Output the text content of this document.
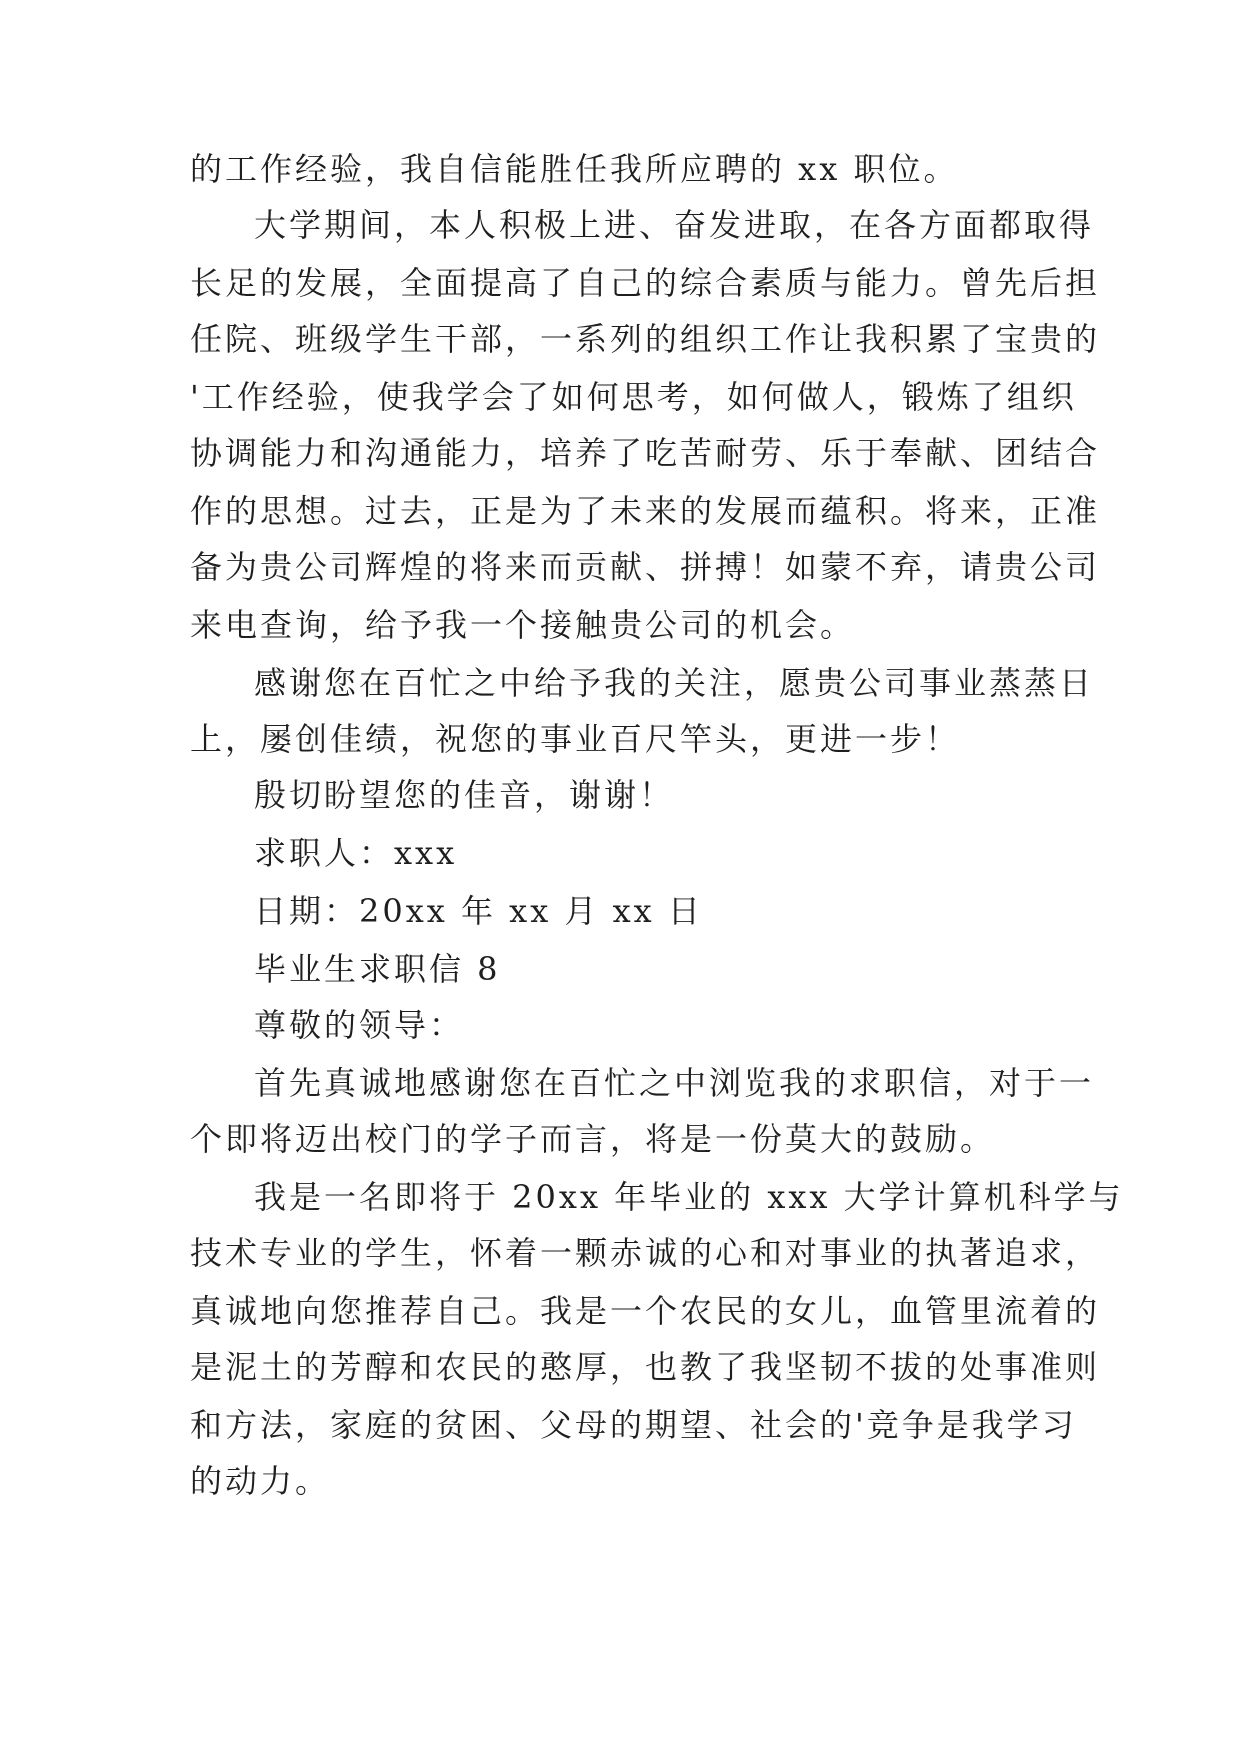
的工作经验，我自信能胜任我所应聘的 xx 职位。
大学期间，本人积极上进、奋发进取，在各方面都取得
长足的发展，全面提高了自己的综合素质与能力。曾先后担
任院、班级学生干部，一系列的组织工作让我积累了宝贵的
'工作经验，使我学会了如何思考，如何做人，锻炼了组织
协调能力和沟通能力，培养了吃苦耐劳、乐于奉献、团结合
作的思想。过去，正是为了未来的发展而蕴积。将来，正准
备为贵公司辉煌的将来而贡献、拼搏！如蒙不弃，请贵公司
来电查询，给予我一个接触贵公司的机会。
感谢您在百忙之中给予我的关注，愿贵公司事业蒸蒸日
上，屡创佳绩，祝您的事业百尺竿头，更进一步！
殷切盼望您的佳音，谢谢！
求职人：xxx
日期：20xx 年 xx 月 xx 日
毕业生求职信 8
尊敬的领导：
首先真诚地感谢您在百忙之中浏览我的求职信，对于一
个即将迈出校门的学子而言，将是一份莫大的鼓励。
我是一名即将于 20xx 年毕业的 xxx 大学计算机科学与
技术专业的学生，怀着一颗赤诚的心和对事业的执著追求，
真诚地向您推荐自己。我是一个农民的女儿，血管里流着的
是泥土的芳醇和农民的憨厚，也教了我坚韧不拔的处事准则
和方法，家庭的贫困、父母的期望、社会的'竞争是我学习
的动力。
